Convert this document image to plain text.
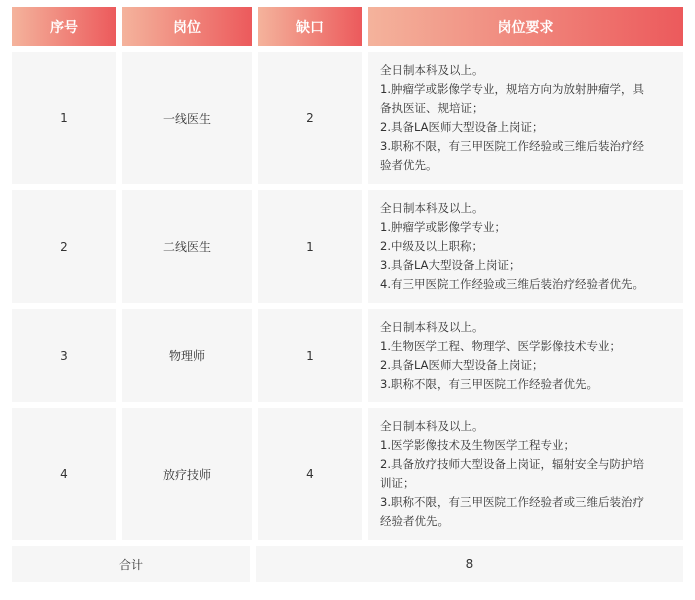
序号	岗位	缺口	岗位要求
1	一线医生	2
全日制本科及以上。
1.肿瘤学或影像学专业，规培方向为放射肿瘤学，具
备执医证、规培证；
2.具备LA医师大型设备上岗证；
3.职称不限，有三甲医院工作经验或三维后装治疗经
验者优先。
2	二线医生	1
全日制本科及以上。
1.肿瘤学或影像学专业；
2.中级及以上职称；
3.具备LA大型设备上岗证；
4.有三甲医院工作经验或三维后装治疗经验者优先。
3	物理师	1
全日制本科及以上。
1.生物医学工程、物理学、医学影像技术专业；
2.具备LA医师大型设备上岗证；
3.职称不限，有三甲医院工作经验者优先。
4	放疗技师	4
全日制本科及以上。
1.医学影像技术及生物医学工程专业；
2.具备放疗技师大型设备上岗证，辐射安全与防护培
训证；
3.职称不限，有三甲医院工作经验者或三维后装治疗
经验者优先。
合计	8
